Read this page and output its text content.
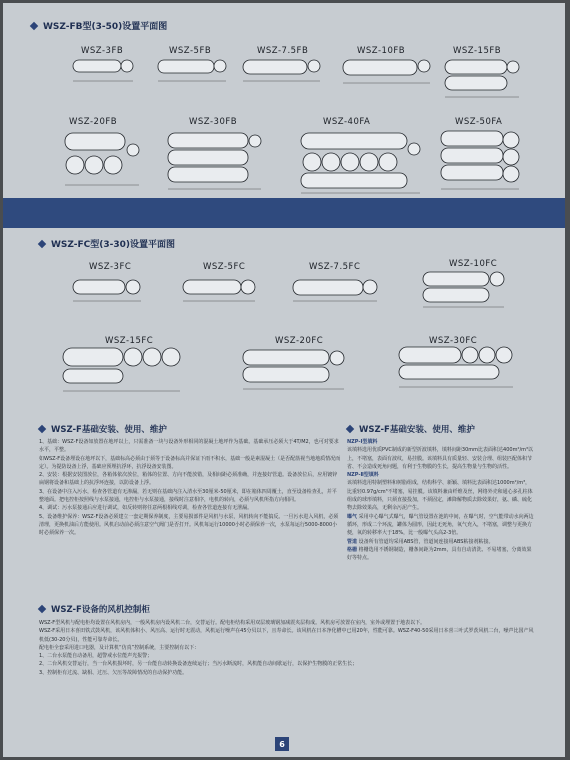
WSZ-FB型(3-50)设置平面图
WSZ-3FB	WSZ-5FB	WSZ-7.5FB	WSZ-10FB	WSZ-15FB
WSZ-20FB	WSZ-30FB	WSZ-40FA	WSZ-50FA
WSZ-FC型(3-30)设置平面图
WSZ-3FC	WSZ-5FC	WSZ-7.5FC	WSZ-10FC
WSZ-15FC	WSZ-20FC	WSZ-30FC
WSZ-F基础安装、使用、维护

1、基础：WSZ-F设备如放置在地坪以上，只需准备一块与设备外形相同的混凝土地坪作为基础。基础承压必须大于4T/M2，也可对要求水平，平整。

如WSZ-F设备埋设在地坪以下，基础标高必须由于须等于设备标高并保证下雨不积水，基础一般是素混凝土（是否配筋视当地地质情况而定）。为提防设备上浮，基础应预埋抗浮环，抗浮设备安装图。

2、安装：根据安装图放位，各箱体依次放位，箱体的位置、方向不能放错，及相间距必须准确，并连接好管道。设备放位后，应用镀锌扁钢将设备和基础上的抗浮环连接，以防设备上浮。

3、在设备中注入污水，检查各管道有无渗漏，若无则在基础内注入清水至30厘米-50厘米，即在箱体四周覆土，直至设备检查孔，并平整地面。把电控柜按照线与水泵接通，电控柜与水泵接通，接线时注意相序，电机的转向，必须与风机所指方向相同。

4、调试：污水泵接通后应进行调试，如反转则将任意两根相线对调，检查各管道连接有无泄漏。

5、设备维护保养：WSZ-F设备必须建立一套定期保养制度，主要易损部件是风机与水泵，风机转向不能搞反。一旦污水进入风机，必须清理，更换机油后方能使用。风机启动前必须注意空气阀门是否打开。风机每运行10000小时必须保养一次，水泵每运行5000-8000小时必须保养一次。

WSZ-F基础安装、使用、维护

NZP-Ⅰ型填料

该填料选用优质PVC制成的新型折波填料，填料间距30mm比表面积达400m²/m³以上，不堵塞，表面有波纹，易挂膜。该填料具有质量轻、安装合理、组装匹配体积节省、不会造成死角问题，有利于生物膜的生长，提高生物量与生物的活性。

NZP-Ⅱ型填料

该填料选用特制塑料和树脂组成，结构科学、新颖、填料比表面积达1000m²/m³，比重轻0.97g/cm³不堵塞，易挂膜。该填料兼由纤维及丝，网络外壳和通心多孔柱体组成的球形填料，只须直接投加，不须固定，滩降解物质去除效果好，氨、磷、硫化物去除效果高，无剩余污泥产生。

曝气 采用中心曝气式曝气，曝气管设置在池的中间，在曝气时，空气能带动水向两边循环，形成二个环流，罐体为圆形，因此无死角，氧气充入，不堵塞，调整与更换方便，氧的转移率大于18%，比一般曝气头高2-3倍。

管道 设备所有管道均采用ABS管，管道间连接用ABS粘接剂粘接。

格栅 格栅选用不锈钢制造，栅条间距为2mm，具有自动清洗、不易堵塞，分离效果好等特点。

WSZ-F设备的风机控制柜

WSZ-F型风机与配电柜均设置在风机房内，一般风机房内设风机二台，交替运行。配电柜结构采用双层玻璃钢加减震夹层构成。风机房可放置在室内，室外或埋置于地表以下。

WSZ-F采用日本喜田铁式鼓风机，该风机体积小、风压高、运行时无震动，风机运行噪声在45分贝以下，且寿命长。该风机在日本净化槽中已用20年，性能可靠。WSZ-F40-50采用日本喜三叶式罗茨风机二台，噪声比国产风机低(30-20分贝)，性能可靠寿命长。

配电柜全套采用进口电器，及计算机“仿真”控制系统，主要控制有以下：

1、二台水泵能自动备用，超警戒水位能声光报警；

2、二台风机交替运行，当一台风机损坏时，另一台能自动转换设备连续运行；当污水断流时，风机能自动间歇运行，以保护生物膜的正常生长；

3、控制柜有过流、缺相、过压、欠压等故障情况的自动保护功能。

6
